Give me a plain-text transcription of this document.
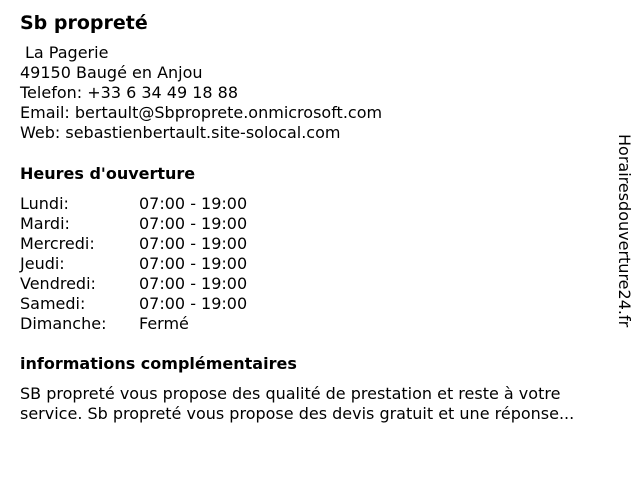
Sb propreté
La Pagerie
49150 Baugé en Anjou
Telefon: +33 6 34 49 18 88
Email: bertault@Sbproprete.onmicrosoft.com
Web: sebastienbertault.site-solocal.com
Heures d'ouverture
Lundi:	07:00 - 19:00
Mardi:	07:00 - 19:00
Mercredi:	07:00 - 19:00
Jeudi:	07:00 - 19:00
Vendredi:	07:00 - 19:00
Samedi:	07:00 - 19:00
Dimanche: Fermé
informations complémentaires
SB propreté vous propose des qualité de prestation et reste à votre
service. Sb propreté vous propose des devis gratuit et une réponse...
Horairesdouverture24.fr
